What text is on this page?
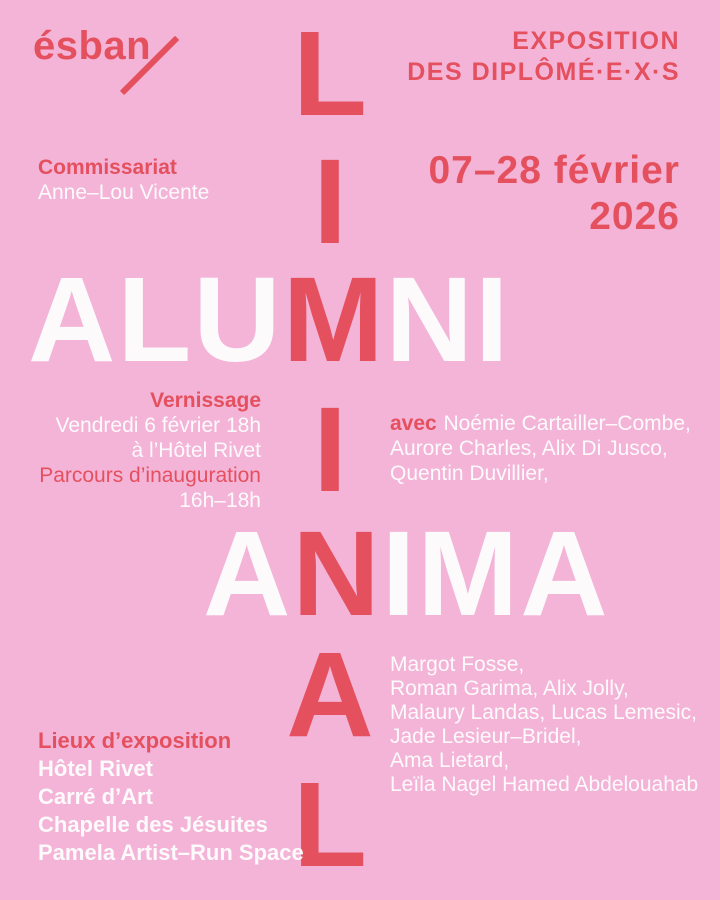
ésban	EXPOSITION
DES DIPLÔMÉ·E·X·S
Commissariat
Anne–Lou Vicente
07–28 février
2026
L
I
I
A
L
ALUMNI
ANIMA
Vernissage
Vendredi 6 février 18h
à l’Hôtel Rivet
Parcours d’inauguration
16h–18h
avec Noémie Cartailler–Combe,
Aurore Charles, Alix Di Jusco,
Quentin Duvillier,
Margot Fosse,
Roman Garima, Alix Jolly,
Malaury Landas, Lucas Lemesic,
Jade Lesieur–Bridel,
Ama Lietard,
Leïla Nagel Hamed Abdelouahab
Lieux d’exposition
Hôtel Rivet
Carré d’Art
Chapelle des Jésuites
Pamela Artist–Run Space
